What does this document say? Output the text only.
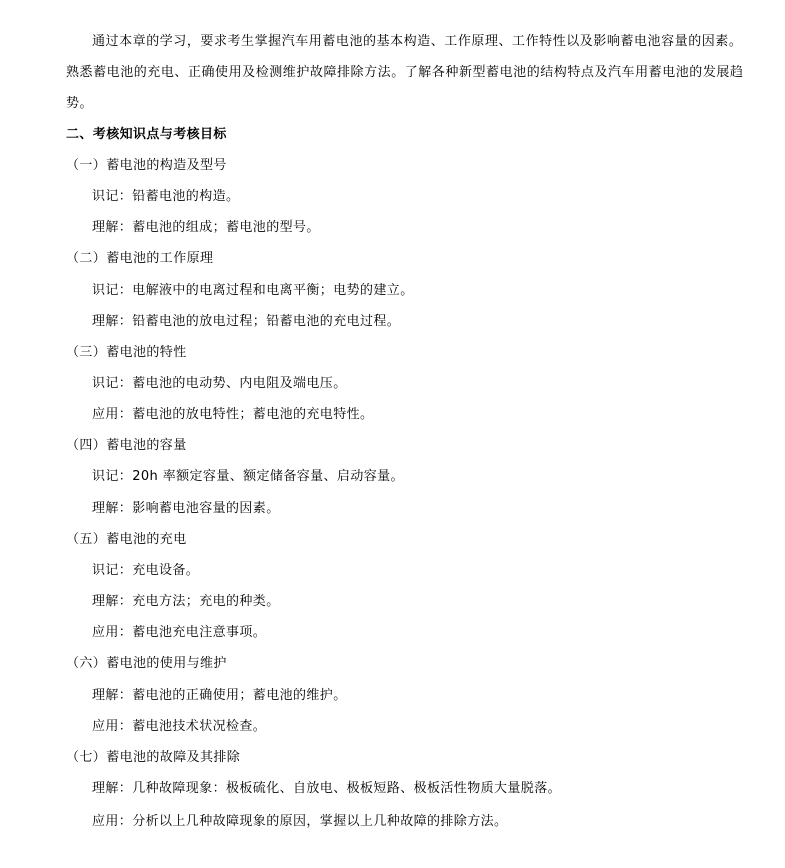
通过本章的学习，要求考生掌握汽车用蓄电池的基本构造、工作原理、工作特性以及影响蓄电池容量的因素。
熟悉蓄电池的充电、正确使用及检测维护故障排除方法。了解各种新型蓄电池的结构特点及汽车用蓄电池的发展趋
势。
二、考核知识点与考核目标
（一）蓄电池的构造及型号
识记：铅蓄电池的构造。
理解：蓄电池的组成；蓄电池的型号。
（二）蓄电池的工作原理
识记：电解液中的电离过程和电离平衡；电势的建立。
理解：铅蓄电池的放电过程；铅蓄电池的充电过程。
（三）蓄电池的特性
识记：蓄电池的电动势、内电阻及端电压。
应用：蓄电池的放电特性；蓄电池的充电特性。
（四）蓄电池的容量
识记：20h 率额定容量、额定储备容量、启动容量。
理解：影响蓄电池容量的因素。
（五）蓄电池的充电
识记：充电设备。
理解：充电方法；充电的种类。
应用：蓄电池充电注意事项。
（六）蓄电池的使用与维护
理解：蓄电池的正确使用；蓄电池的维护。
应用：蓄电池技术状况检查。
（七）蓄电池的故障及其排除
理解：几种故障现象：极板硫化、自放电、极板短路、极板活性物质大量脱落。
应用：分析以上几种故障现象的原因，掌握以上几种故障的排除方法。
